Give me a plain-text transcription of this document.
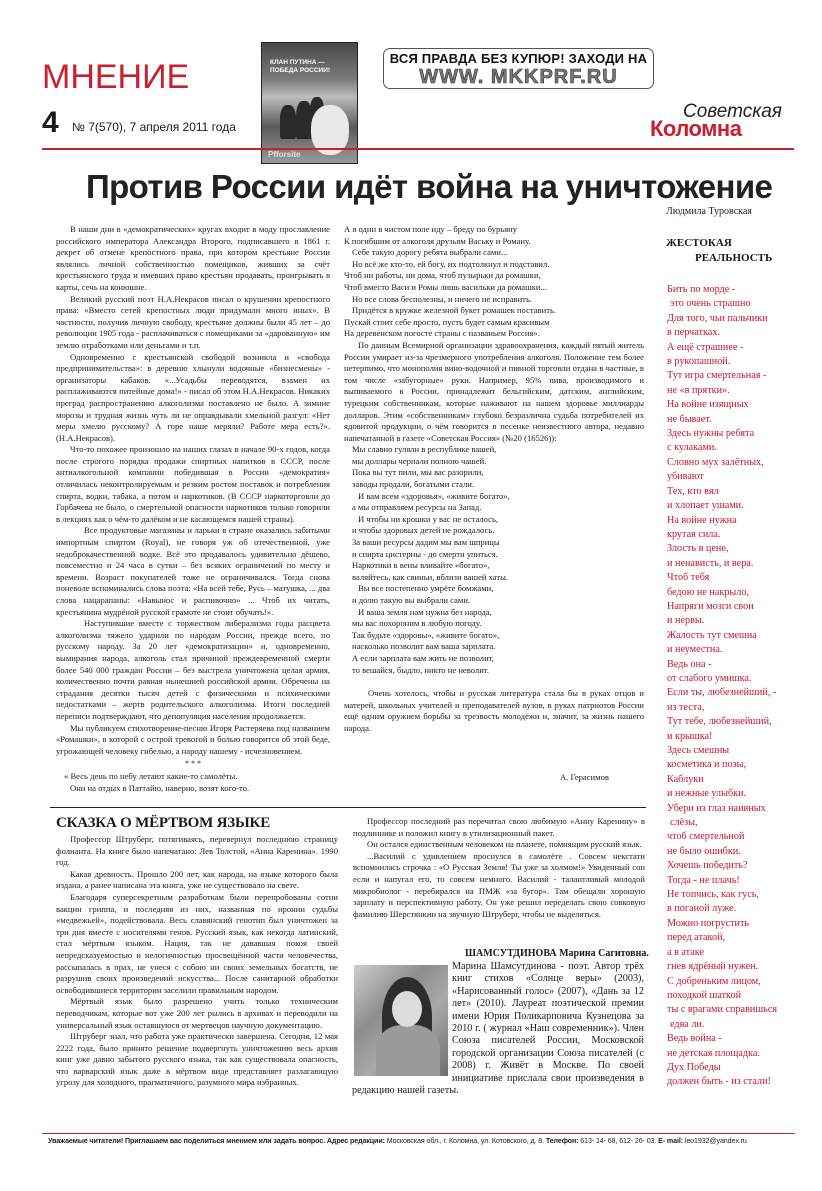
МНЕНИЕ
4 № 7(570), 7 апреля 2011 года
КЛАН ПУТИНА — ПОБЕДА РОССИИ!
Pfforsite
ВСЯ ПРАВДА БЕЗ КУПЮР! ЗАХОДИ НА
WWW. MKKPRF.RU
Советская
Коломна
Против России идёт война на уничтожение

В наши дни в «демократических» кругах входит в моду прославление российского императора Александра Второго, подписавшего в 1861 г. декрет об отмене крепостного права, при котором крестьяне России являлись личной собственностью помещиков, живших за счёт крестьянского труда и имевших право крестьян продавать, проигрывать в карты, сечь на конюшне.

Великий русский поэт Н.А.Некрасов писал о крушении крепостного права: «Вместо сетей крепостных люди придумали много иных». В частности, получив личную свободу, крестьяне должны были 45 лет – до революции 1905 года - расплачиваться с помещиками за «дарованную» им землю отработками или деньгами и т.п.

Одновременно с крестьянской свободой возникла и «свобода предпринимательства»: в деревню хлынули водочные «бизнесмены» - организаторы кабаков. «...Усадьбы переводятся, взамен их расплаживаются питейные дома!» - писал об этом Н.А.Некрасов. Никаких преград распространению алкоголизма поставлено не было. А зимние морозы и трудная жизнь чуть ли не оправдывали хмельной разгул: «Нет меры хмелю русскому? А горе наше меряли? Работе мера есть?». (Н.А.Некрасов).

Что-то похожее произошло на наших глазах в начале 90-х годов, когда после строгого порядка продажи спиртных напитков в СССР, после антиалкогольной компании победившая в России «демократия» отличилась неконтролируемым и резким ростом поставок и потребления спирта, водки, табака, а потом и наркотиков. (В СССР наркоторговли до Горбачева не было, о смертельной опасности наркотиков только говорили в лекциях как о чём-то далёком и не касающемся нашей страны).

Все продуктовые магазины и ларьки в стране оказались забитыми импортным спиртом (Royal), не говоря уж об отечественной, уже недоброкачественной водке. Всё это продавалось удивительно дёшево, повсеместно и 24 часа в сутки – без всяких ограничений по месту и времени. Возраст покупателей тоже не ограничивался. Тогда снова поневоле вспоминались слова поэта: «На всей тебе, Русь – матушка, ... два слова нацарапаны: «Навынос и распивочно» ... Чтоб их читать, крестьянина мудрёной русской грамоте не стоит обучать!».

Наступившие вместе с торжеством либерализма годы расцвета алкоголизма тяжело ударили по народам России, прежде всего, по русскому народу. За 20 лет «демократизации» и, одновременно, вымирания народа, алкоголь стал причиной преждевременной смерти более 540 000 граждан России – без выстрела уничтожена целая армия, количественно почти равная нынешней российской армии. Обречены на страдания десятки тысяч детей с физическими и психическими недостатками – жертв родительского алкоголизма. Итоги последней переписи подтверждают, что депопуляция населения продолжается.

Мы публикуем стихотворение-песню Игоря Растеряева под названием «Ромашки», в которой с острой тревогой и болью говорится об этой беде, угрожающей человеку гибелью, а народу нашему - исчезновением.

* * *

« Весь день по небу летают какие-то самолёты.
Они на отдых в Паттайю, наверно, возят кого-то.

А я один в чистом поле иду – бреду по бурьяну
К погибшим от алкоголя друзьям Ваську и Роману.
Себе такую дорогу ребята выбрали сами...
Но всё же кто-то, ей богу, их подтолкнул и подставил.
Чтоб ни работы, ни дома, чтоб пузырьки да ромашки,
Чтоб вместо Васи и Ромы лишь васильки да ромашки...
Но все слова бесполезны, и ничего не исправить.
Придётся в кружке железной букет ромашек поставить.
Пускай стоит себе просто, пусть будет самым красивым
На деревенском погосте страны с названьем Россия».

По данным Всемирной организации здравоохранения, каждый пятый житель России умирает из-за чрезмерного употребления алкоголя. Положение тем более нетерпимо, что монополия вино-водочной и пивной торговли отдана в частные, в том числе «забугорные» руки. Например, 95% пива, производимого и выпиваемого в России, принадлежит бельгийским, датским, английским, турецким собственникам, которые наживают на нашем здоровье миллиарды долларов. Этим «собственникам» глубоко безразлична судьба потребителей их ядовитой продукции, о чём говорится в песенке неизвестного автора, недавно напечатанной в газете «Советская Россия» (№20 (16526)):

Мы славно гуляли в республике вашей,
мы доллары черпали полною чашей.
Пока вы тут пили, мы вас разорили,
заводы продали, богатыми стали.
И вам всем «здоровья», «живите богато»,
а мы отправляем ресурсы на Запад.
И чтобы ни крошки у вас не осталось,
и чтобы здоровых детей не рождалось.
За ваши ресурсы дадим мы вам шприцы
и спирта цистерны - до смерти упиться.
Наркотики в вены вливайте «богато»,
валяйтесь, как свиньи, вблизи вашей хаты.
Вы все постепенно умрёте бомжами,
и долю такую вы выбрали сами.
И ваша земля нам нужна без народа,
мы вас похороним в любую погоду.
Так будьте «здоровы», «живите богато»,
насколько позволит вам ваша зарплата.
А если зарплата вам жить не позволит,
то вешайся, быдло, никто не неволит.

Очень хотелось, чтобы и русская литература стала бы в руках отцов и матерей, школьных учителей и преподавателей вузов, в руках патриотов России ещё одним оружием борьбы за трезвость молодёжи и, значит, за жизнь нашего народа.

А. Герасимов
Людмила Туровская
ЖЕСТОКАЯ
РЕАЛЬНОСТЬ
Бить по морде -
это очень страшно
Для того, чьи пальчики
в перчатках.
А ещё страшнее -
в рукопашной.
Тут игра смертельная -
не «в прятки».
На войне изящных
не бывает.
Здесь нужны ребята
с кулаками.
Словно мух залётных,
убивают
Тех, кто вял
и хлопает ушами.
На войне нужна
крутая сила.
Злость в цене,
и ненависть, и вера.
Чтоб тебя
бедою не накрыло,
Напряги мозги свои
и нервы.
Жалость тут смешна
и неуместна.
Ведь она -
от слабого умишка.
Если ты, любезнейший, -
из теста,
Тут тебе, любезнейший,
и крышка!
Здесь смешны
косметика и позы,
Каблуки
и нежные улыбки.
Убери из глаз наивных
слёзы,
чтоб смертельной
не было ошибки.
Хочешь победить?
Тогда - не плачь!
Не топчись, как гусь,
в поганой луже.
Можно погрустить
перед атакой,
а в атаке
гнев ядрёный нужен.
С добреньким лицом,
походкой шаткой
ты с врагами справишься
едва ли.
Ведь война -
не детская площадка.
Дух Победы
должен быть - из стали!
СКАЗКА О МЁРТВОМ ЯЗЫКЕ

Профессор Штруберг, потягиваясь, перевернул последнюю страницу фолианта. На книге было напечатано: Лев Толстой, «Анна Каренина». 1990 год.

Какая древность. Прошло 200 лет, как народа, на языке которого была издана, а ранее написана эта книга, уже не существовало на свете.

Благодаря суперсекретным разработкам были перепробованы сотни вакцин гриппа, и последняя из них, названная по иронии судьбы «медвежьей», подействовала. Весь славянский генотип был уничтожен за три дня вместе с носителями генов. Русский язык, как некогда латинский, стал мёртвым языком. Нация, так не дававшая покоя своей непредсказуемостью и нелогичностью просвещённой части человечества, рассыпалась в прах, не унеся с собою ни своих земельных богатств, не разрушив своих произведений искусства... После санитарной обработки освободившиеся территории заселили правильным народом.

Мёртвый язык было разрешено учить только техническим переводчикам, которые вот уже 200 лет рылись в архивах и переводили на универсальный язык оставшуюся от мертвецов научную документацию.

Штруберг знал, что работа уже практически завершена. Сегодня, 12 мая 2222 года, было принято решение подвергнуть уничтожению весь архив книг уже давно забытого русского языка, так как существовала опасность, что варварский язык даже в мёртвом виде представляет разлагающую угрозу для холодного, прагматичного, разумного мира избранных.

Профессор последний раз перечитал свою любимую «Анну Каренину» в подлиннике и положил книгу в утилизационный пакет.

Он остался единственным человеком на планете, помнящим русский язык.

...Василий с удивлением проснулся в самолёте . Совсем некстати вспомнилась строчка : «О Русская Земля! Ты уже за холмом!» Увиденный сон если и напугал его, то совсем немного. Василий - талантливый молодой микробиолог - перебирался на ПМЖ «за бугор». Там обещали хорошую зарплату и перспективную работу. Он уже решил переделать свою совковую фамилию Шерстянкин на звучную Штруберг, чтобы не выделяться.

ШАМСУТДИНОВА Марина Сагитовна.
Марина Шамсутдинова - поэт. Автор трёх книг стихов «Солнце веры» (2003), «Нарисованный голос» (2007), «Дань за 12 лет» (2010). Лауреат поэтической премии имени Юрия Поликарповича Кузнецова за 2010 г. ( журнал «Наш современник»). Член Союза писателей России, Московской городской организации Союза писателей (с 2008) г. Живёт в Москве. По своей инициативе прислала свои произведения в редакцию нашей газеты.
Уважаемые читатели! Приглашаем вас поделиться мнением или задать вопрос. Адрес редакции: Московская обл., г. Коломна, ул. Котовского, д. 8. Телефон: 613- 14- 68, 612- 26- 03. E- mail: leo1932@yandex.ru
